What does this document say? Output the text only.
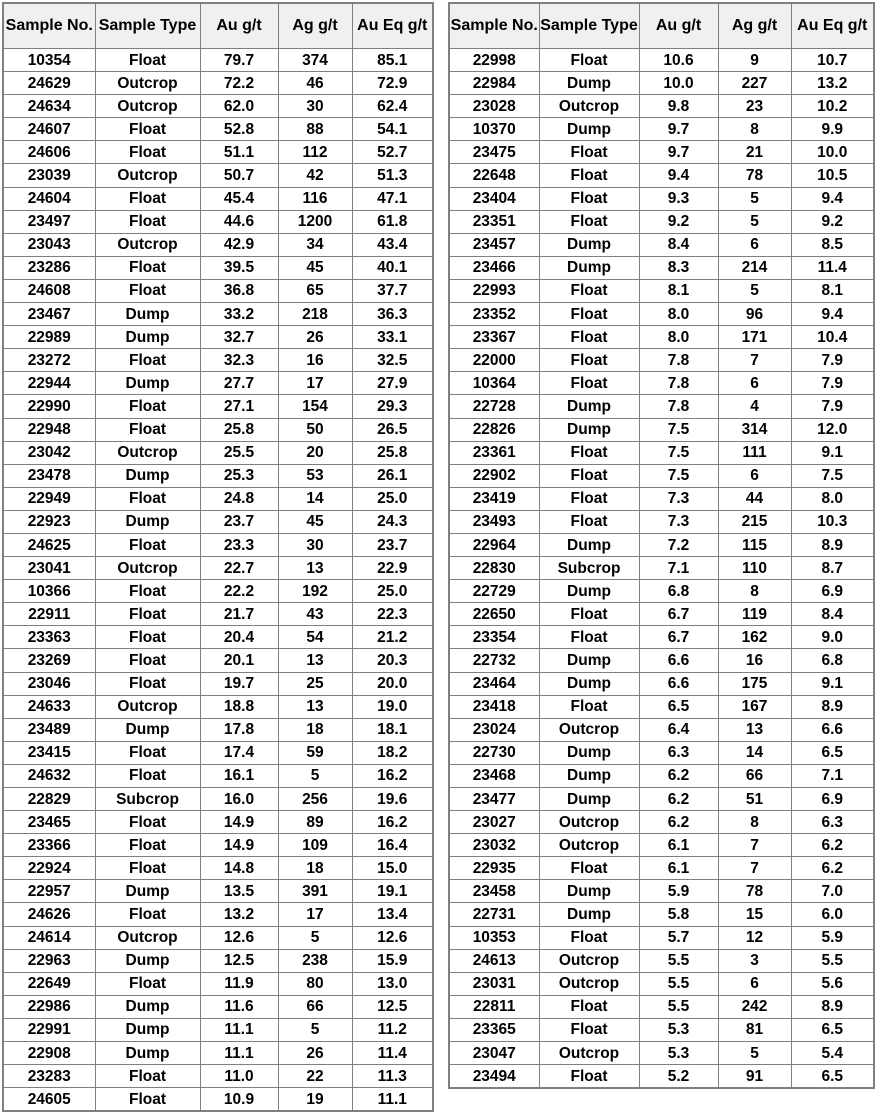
Sample No.	Sample Type	Au g/t	Ag g/t	Au Eq g/t
10354	Float	79.7	374	85.1
24629	Outcrop	72.2	46	72.9
24634	Outcrop	62.0	30	62.4
24607	Float	52.8	88	54.1
24606	Float	51.1	112	52.7
23039	Outcrop	50.7	42	51.3
24604	Float	45.4	116	47.1
23497	Float	44.6	1200	61.8
23043	Outcrop	42.9	34	43.4
23286	Float	39.5	45	40.1
24608	Float	36.8	65	37.7
23467	Dump	33.2	218	36.3
22989	Dump	32.7	26	33.1
23272	Float	32.3	16	32.5
22944	Dump	27.7	17	27.9
22990	Float	27.1	154	29.3
22948	Float	25.8	50	26.5
23042	Outcrop	25.5	20	25.8
23478	Dump	25.3	53	26.1
22949	Float	24.8	14	25.0
22923	Dump	23.7	45	24.3
24625	Float	23.3	30	23.7
23041	Outcrop	22.7	13	22.9
10366	Float	22.2	192	25.0
22911	Float	21.7	43	22.3
23363	Float	20.4	54	21.2
23269	Float	20.1	13	20.3
23046	Float	19.7	25	20.0
24633	Outcrop	18.8	13	19.0
23489	Dump	17.8	18	18.1
23415	Float	17.4	59	18.2
24632	Float	16.1	5	16.2
22829	Subcrop	16.0	256	19.6
23465	Float	14.9	89	16.2
23366	Float	14.9	109	16.4
22924	Float	14.8	18	15.0
22957	Dump	13.5	391	19.1
24626	Float	13.2	17	13.4
24614	Outcrop	12.6	5	12.6
22963	Dump	12.5	238	15.9
22649	Float	11.9	80	13.0
22986	Dump	11.6	66	12.5
22991	Dump	11.1	5	11.2
22908	Dump	11.1	26	11.4
23283	Float	11.0	22	11.3
24605	Float	10.9	19	11.1
Sample No.	Sample Type	Au g/t	Ag g/t	Au Eq g/t
22998	Float	10.6	9	10.7
22984	Dump	10.0	227	13.2
23028	Outcrop	9.8	23	10.2
10370	Dump	9.7	8	9.9
23475	Float	9.7	21	10.0
22648	Float	9.4	78	10.5
23404	Float	9.3	5	9.4
23351	Float	9.2	5	9.2
23457	Dump	8.4	6	8.5
23466	Dump	8.3	214	11.4
22993	Float	8.1	5	8.1
23352	Float	8.0	96	9.4
23367	Float	8.0	171	10.4
22000	Float	7.8	7	7.9
10364	Float	7.8	6	7.9
22728	Dump	7.8	4	7.9
22826	Dump	7.5	314	12.0
23361	Float	7.5	111	9.1
22902	Float	7.5	6	7.5
23419	Float	7.3	44	8.0
23493	Float	7.3	215	10.3
22964	Dump	7.2	115	8.9
22830	Subcrop	7.1	110	8.7
22729	Dump	6.8	8	6.9
22650	Float	6.7	119	8.4
23354	Float	6.7	162	9.0
22732	Dump	6.6	16	6.8
23464	Dump	6.6	175	9.1
23418	Float	6.5	167	8.9
23024	Outcrop	6.4	13	6.6
22730	Dump	6.3	14	6.5
23468	Dump	6.2	66	7.1
23477	Dump	6.2	51	6.9
23027	Outcrop	6.2	8	6.3
23032	Outcrop	6.1	7	6.2
22935	Float	6.1	7	6.2
23458	Dump	5.9	78	7.0
22731	Dump	5.8	15	6.0
10353	Float	5.7	12	5.9
24613	Outcrop	5.5	3	5.5
23031	Outcrop	5.5	6	5.6
22811	Float	5.5	242	8.9
23365	Float	5.3	81	6.5
23047	Outcrop	5.3	5	5.4
23494	Float	5.2	91	6.5
